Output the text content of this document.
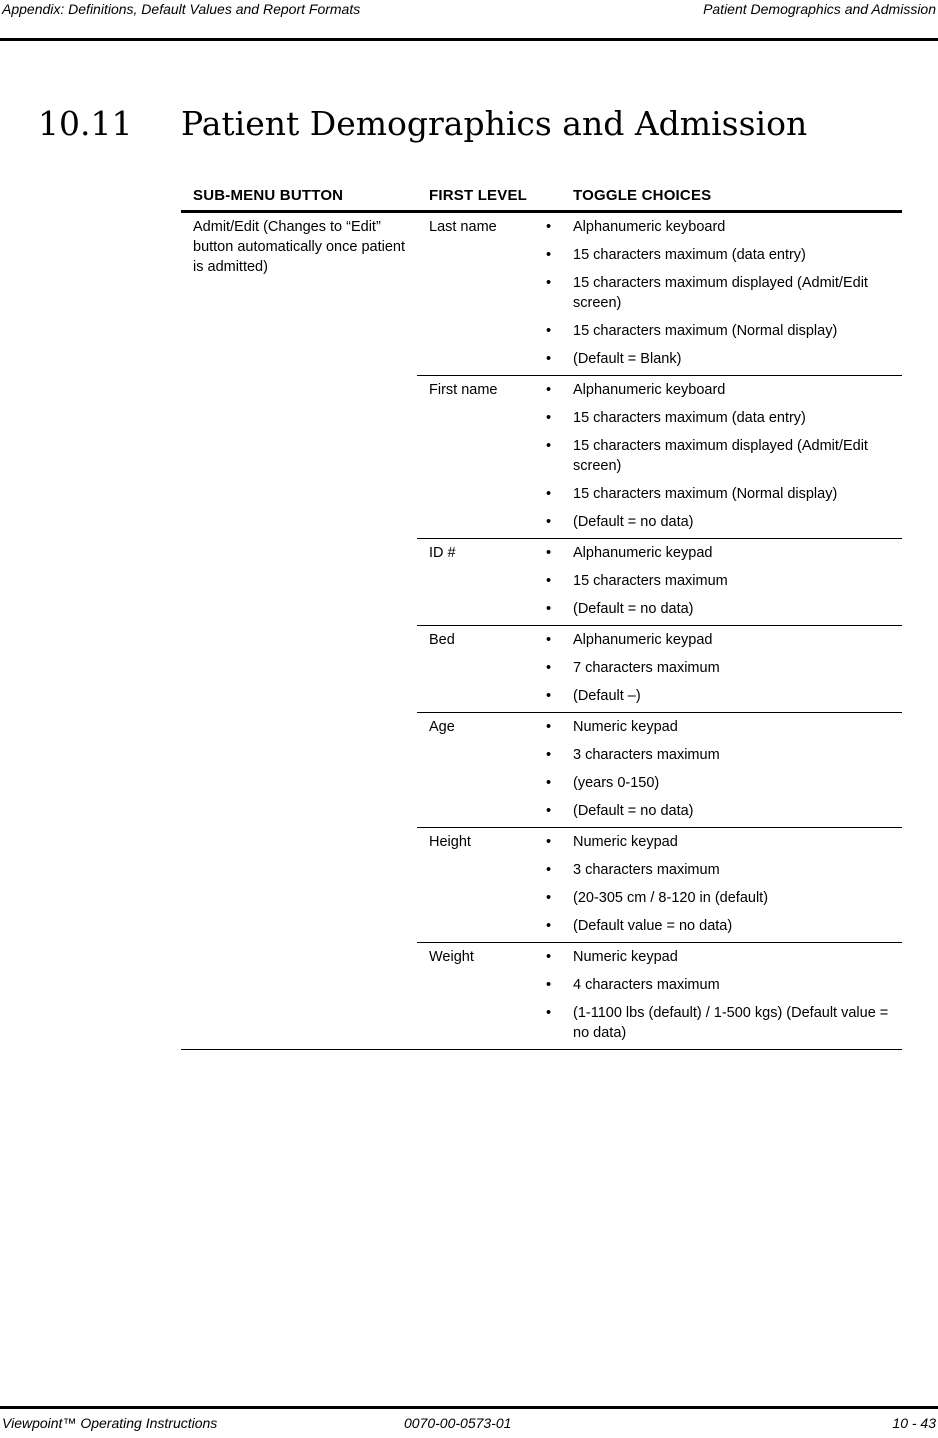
Appendix: Definitions, Default Values and Report Formats	Patient Demographics and Admission
10.11 Patient Demographics and Admission
SUB-MENU BUTTON	FIRST LEVEL	TOGGLE CHOICES
Admit/Edit (Changes to “Edit” button automatically once patient is admitted)
Last name	• Alphanumeric keyboard
• 15 characters maximum (data entry)
• 15 characters maximum displayed (Admit/Edit screen)
• 15 characters maximum (Normal display)
• (Default = Blank)
First name	• Alphanumeric keyboard
• 15 characters maximum (data entry)
• 15 characters maximum displayed (Admit/Edit screen)
• 15 characters maximum (Normal display)
• (Default = no data)
ID #	• Alphanumeric keypad
• 15 characters maximum
• (Default = no data)
Bed	• Alphanumeric keypad
• 7 characters maximum
• (Default –)
Age	• Numeric keypad
• 3 characters maximum
• (years 0-150)
• (Default = no data)
Height	• Numeric keypad
• 3 characters maximum
• (20-305 cm / 8-120 in (default)
• (Default value = no data)
Weight	• Numeric keypad
• 4 characters maximum
• (1-1100 lbs (default) / 1-500 kgs) (Default value = no data)
Viewpoint™ Operating Instructions	0070-00-0573-01	10 - 43
